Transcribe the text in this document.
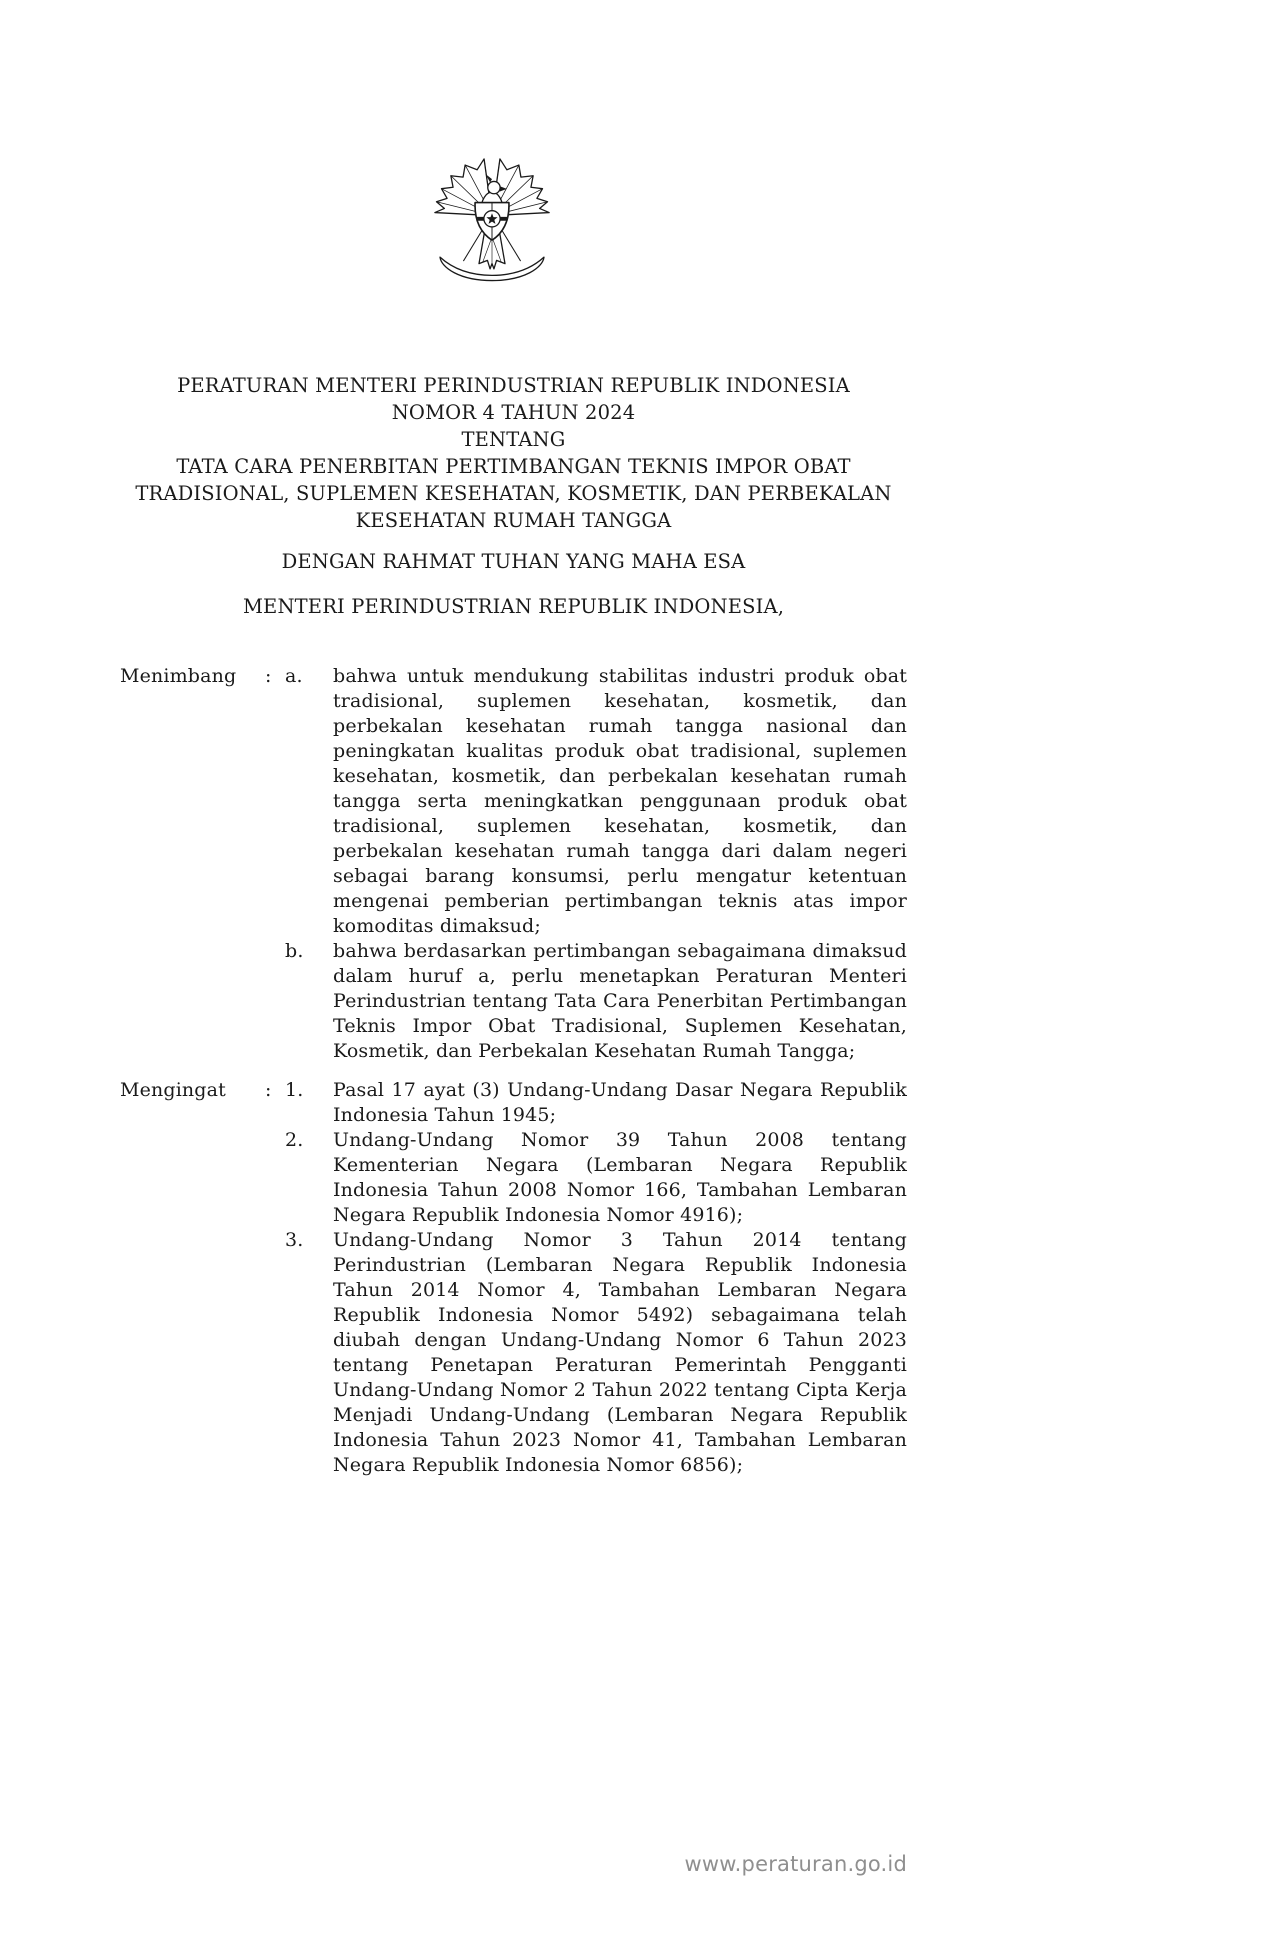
PERATURAN MENTERI PERINDUSTRIAN REPUBLIK INDONESIA
NOMOR 4 TAHUN 2024
TENTANG
TATA CARA PENERBITAN PERTIMBANGAN TEKNIS IMPOR OBAT
TRADISIONAL, SUPLEMEN KESEHATAN, KOSMETIK, DAN PERBEKALAN
KESEHATAN RUMAH TANGGA
DENGAN RAHMAT TUHAN YANG MAHA ESA
MENTERI PERINDUSTRIAN REPUBLIK INDONESIA,
Menimbang	: a.	bahwa untuk mendukung stabilitas industri produk obat tradisional, suplemen kesehatan, kosmetik, dan perbekalan kesehatan rumah tangga nasional dan peningkatan kualitas produk obat tradisional, suplemen kesehatan, kosmetik, dan perbekalan kesehatan rumah tangga serta meningkatkan penggunaan produk obat tradisional, suplemen kesehatan, kosmetik, dan perbekalan kesehatan rumah tangga dari dalam negeri sebagai barang konsumsi, perlu mengatur ketentuan mengenai pemberian pertimbangan teknis atas impor komoditas dimaksud;
b.	bahwa berdasarkan pertimbangan sebagaimana dimaksud dalam huruf a, perlu menetapkan Peraturan Menteri Perindustrian tentang Tata Cara Penerbitan Pertimbangan Teknis Impor Obat Tradisional, Suplemen Kesehatan, Kosmetik, dan Perbekalan Kesehatan Rumah Tangga;
Mengingat	: 1.	Pasal 17 ayat (3) Undang-Undang Dasar Negara Republik Indonesia Tahun 1945;
2.	Undang-Undang Nomor 39 Tahun 2008 tentang Kementerian Negara (Lembaran Negara Republik Indonesia Tahun 2008 Nomor 166, Tambahan Lembaran Negara Republik Indonesia Nomor 4916);
3.	Undang-Undang Nomor 3 Tahun 2014 tentang Perindustrian (Lembaran Negara Republik Indonesia Tahun 2014 Nomor 4, Tambahan Lembaran Negara Republik Indonesia Nomor 5492) sebagaimana telah diubah dengan Undang-Undang Nomor 6 Tahun 2023 tentang Penetapan Peraturan Pemerintah Pengganti Undang-Undang Nomor 2 Tahun 2022 tentang Cipta Kerja Menjadi Undang-Undang (Lembaran Negara Republik Indonesia Tahun 2023 Nomor 41, Tambahan Lembaran Negara Republik Indonesia Nomor 6856);
www.peraturan.go.id
